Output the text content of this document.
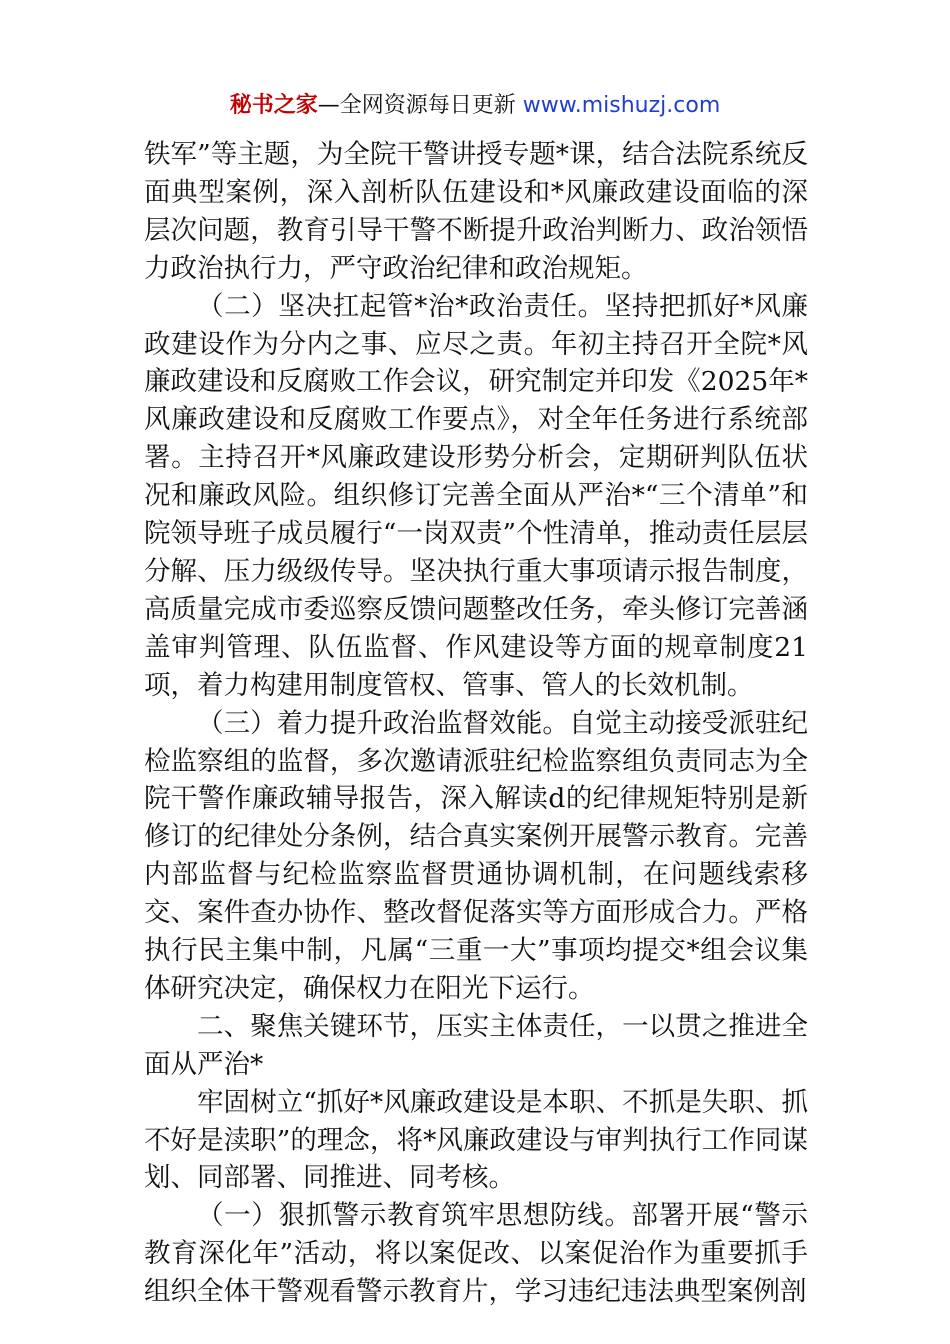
秘书之家—全网资源每日更新 www.mishuzj.com

铁军”等主题，为全院干警讲授专题*课，结合法院系统反面典型案例，深入剖析队伍建设和*风廉政建设面临的深层次问题，教育引导干警不断提升政治判断力、政治领悟力政治执行力，严守政治纪律和政治规矩。

（二）坚决扛起管*治*政治责任。坚持把抓好*风廉政建设作为分内之事、应尽之责。年初主持召开全院*风廉政建设和反腐败工作会议，研究制定并印发《2025年*风廉政建设和反腐败工作要点》，对全年任务进行系统部署。主持召开*风廉政建设形势分析会，定期研判队伍状况和廉政风险。组织修订完善全面从严治*“三个清单”和院领导班子成员履行“一岗双责”个性清单，推动责任层层分解、压力级级传导。坚决执行重大事项请示报告制度，高质量完成市委巡察反馈问题整改任务，牵头修订完善涵盖审判管理、队伍监督、作风建设等方面的规章制度21项，着力构建用制度管权、管事、管人的长效机制。

（三）着力提升政治监督效能。自觉主动接受派驻纪检监察组的监督，多次邀请派驻纪检监察组负责同志为全院干警作廉政辅导报告，深入解读d的纪律规矩特别是新修订的纪律处分条例，结合真实案例开展警示教育。完善内部监督与纪检监察监督贯通协调机制，在问题线索移交、案件查办协作、整改督促落实等方面形成合力。严格执行民主集中制，凡属“三重一大”事项均提交*组会议集体研究决定，确保权力在阳光下运行。

二、聚焦关键环节，压实主体责任，一以贯之推进全面从严治*

牢固树立“抓好*风廉政建设是本职、不抓是失职、抓不好是渎职”的理念，将*风廉政建设与审判执行工作同谋划、同部署、同推进、同考核。

（一）狠抓警示教育筑牢思想防线。部署开展“警示教育深化年”活动，将以案促改、以案促治作为重要抓手组织全体干警观看警示教育片，学习违纪违法典型案例剖
